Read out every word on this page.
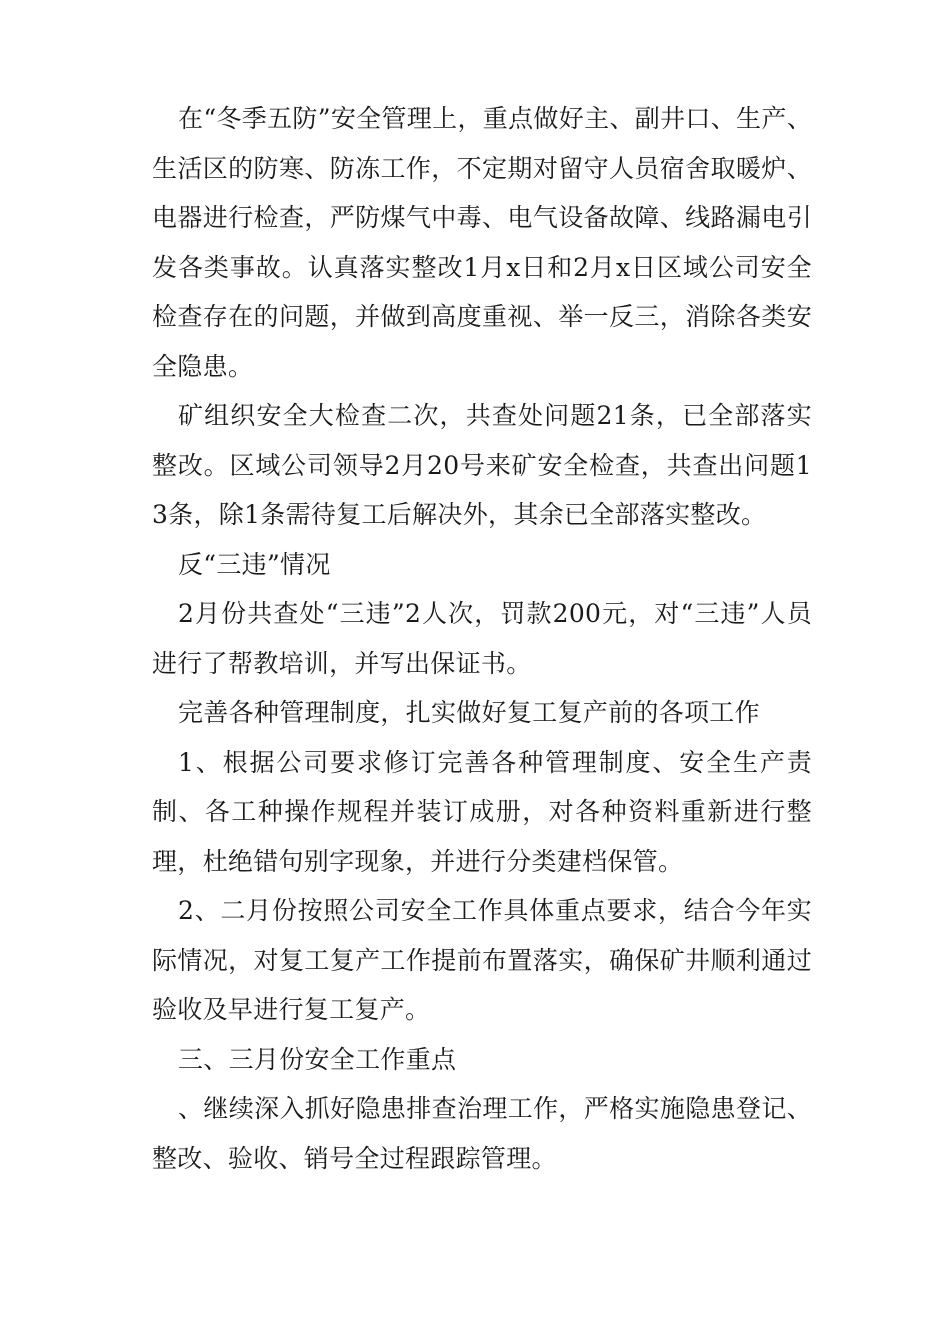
在“冬季五防”安全管理上，重点做好主、副井口、生产、生活区的防寒、防冻工作，不定期对留守人员宿舍取暖炉、电器进行检查，严防煤气中毒、电气设备故障、线路漏电引发各类事故。认真落实整改1月x日和2月x日区域公司安全检查存在的问题，并做到高度重视、举一反三，消除各类安全隐患。

矿组织安全大检查二次，共查处问题21条，已全部落实整改。区域公司领导2月20号来矿安全检查，共查出问题13条，除1条需待复工后解决外，其余已全部落实整改。

反“三违”情况

2月份共查处“三违”2人次，罚款200元，对“三违”人员进行了帮教培训，并写出保证书。

完善各种管理制度，扎实做好复工复产前的各项工作

1、根据公司要求修订完善各种管理制度、安全生产责制、各工种操作规程并装订成册，对各种资料重新进行整理，杜绝错句别字现象，并进行分类建档保管。

2、二月份按照公司安全工作具体重点要求，结合今年实际情况，对复工复产工作提前布置落实，确保矿井顺利通过验收及早进行复工复产。

三、三月份安全工作重点

、继续深入抓好隐患排查治理工作，严格实施隐患登记、整改、验收、销号全过程跟踪管理。
